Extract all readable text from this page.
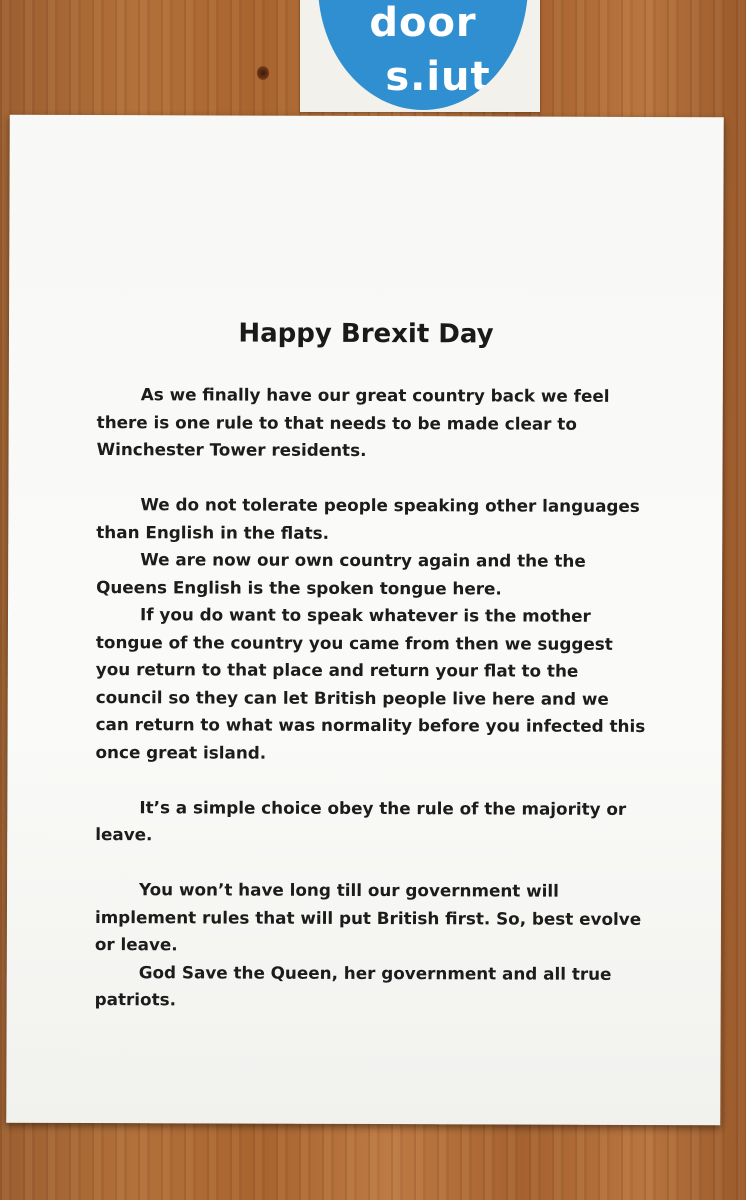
door
s.iut
Happy Brexit Day

As we finally have our great country back we feel there is one rule to that needs to be made clear to Winchester Tower residents.

We do not tolerate people speaking other languages than English in the flats.

We are now our own country again and the the Queens English is the spoken tongue here.

If you do want to speak whatever is the mother tongue of the country you came from then we suggest you return to that place and return your flat to the council so they can let British people live here and we can return to what was normality before you infected this once great island.

It’s a simple choice obey the rule of the majority or leave.

You won’t have long till our government will implement rules that will put British first. So, best evolve or leave.

God Save the Queen, her government and all true patriots.
